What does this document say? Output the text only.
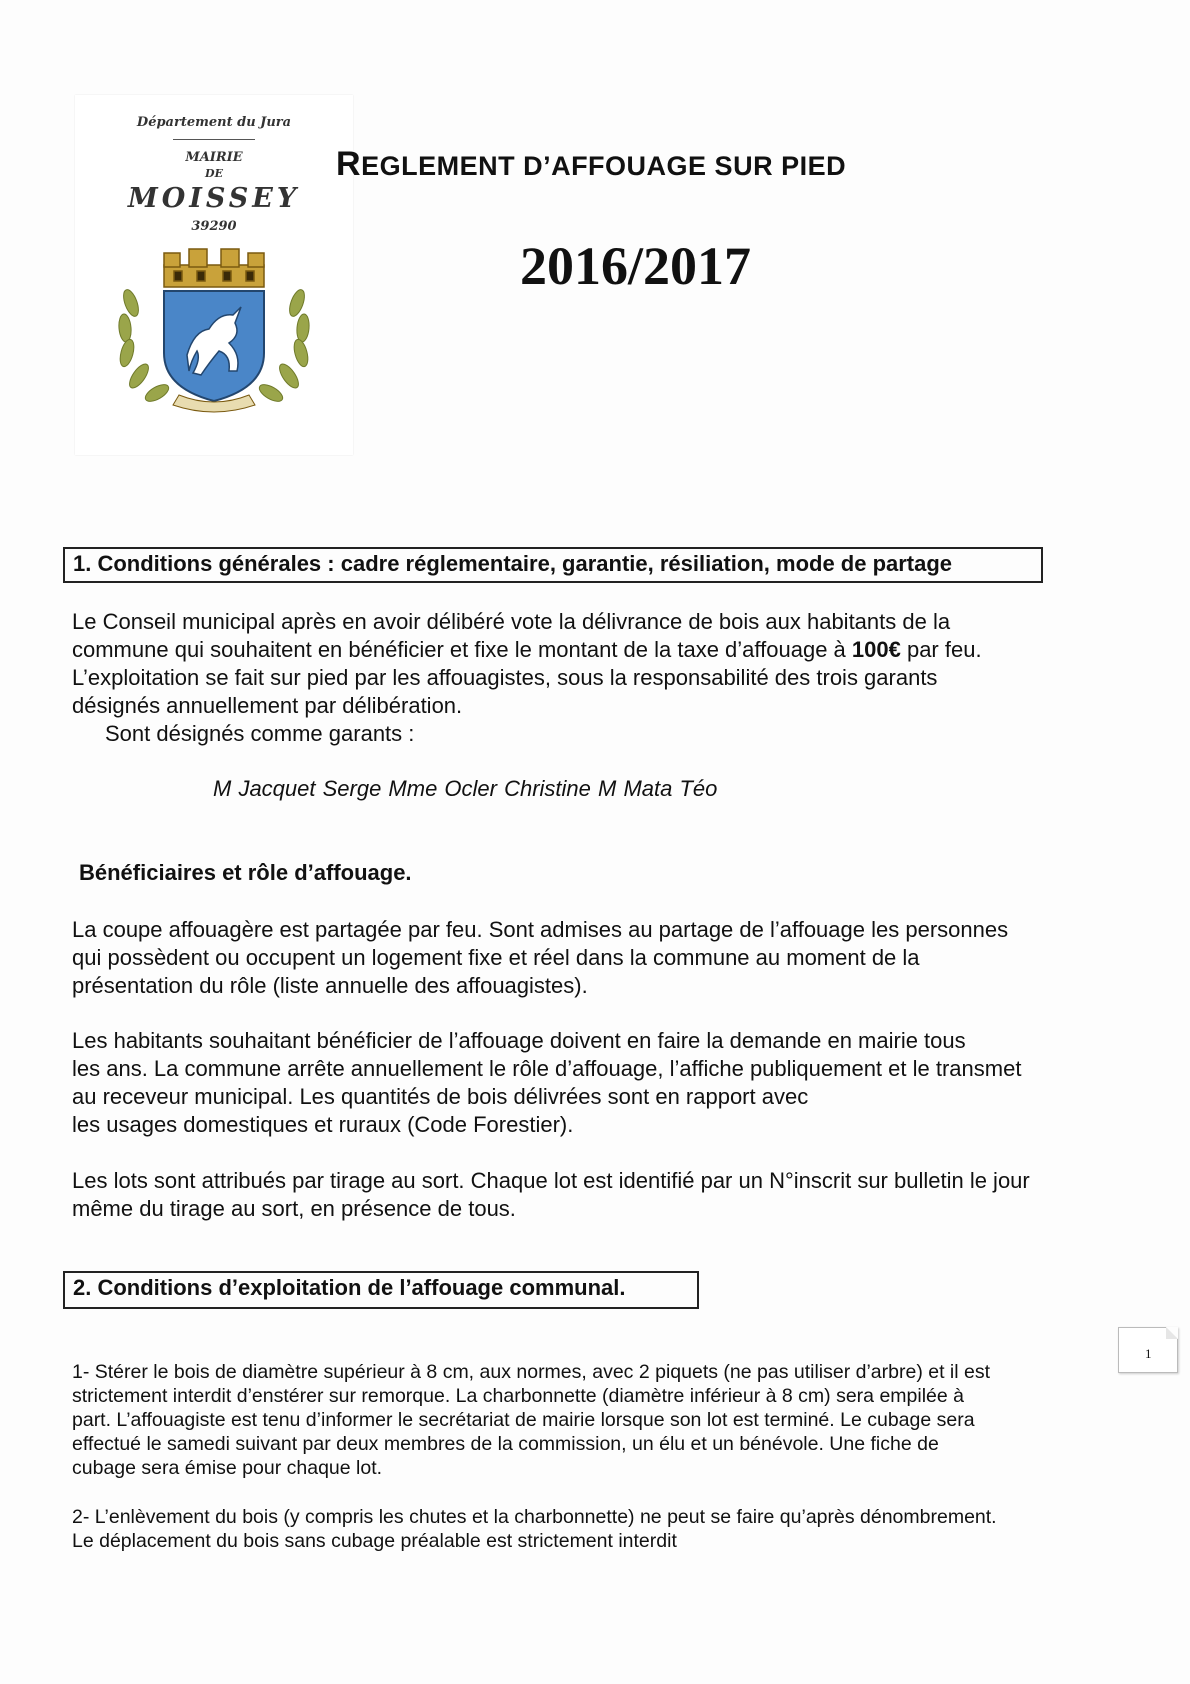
Département du Jura
MAIRIE
DE
MOISSEY
39290
REGLEMENT D’AFFOUAGE SUR PIED
2016/2017
1. Conditions générales : cadre réglementaire, garantie, résiliation, mode de partage
Le Conseil municipal après en avoir délibéré vote la délivrance de bois aux habitants de la
commune qui souhaitent en bénéficier et fixe le montant de la taxe d’affouage à 100€ par feu.
L’exploitation se fait sur pied par les affouagistes, sous la responsabilité des trois garants
désignés annuellement par délibération.
Sont désignés comme garants :
M Jacquet Serge Mme Ocler Christine M Mata Téo
Bénéficiaires et rôle d’affouage.
La coupe affouagère est partagée par feu. Sont admises au partage de l’affouage les personnes
qui possèdent ou occupent un logement fixe et réel dans la commune au moment de la
présentation du rôle (liste annuelle des affouagistes).
Les habitants souhaitant bénéficier de l’affouage doivent en faire la demande en mairie tous
les ans. La commune arrête annuellement le rôle d’affouage, l’affiche publiquement et le transmet
au receveur municipal. Les quantités de bois délivrées sont en rapport avec
les usages domestiques et ruraux (Code Forestier).
Les lots sont attribués par tirage au sort. Chaque lot est identifié par un N°inscrit sur bulletin le jour
même du tirage au sort, en présence de tous.
2. Conditions d’exploitation de l’affouage communal.
1
1- Stérer le bois de diamètre supérieur à 8 cm, aux normes, avec 2 piquets (ne pas utiliser d’arbre) et il est
strictement interdit d’enstérer sur remorque. La charbonnette (diamètre inférieur à 8 cm) sera empilée à
part. L’affouagiste est tenu d’informer le secrétariat de mairie lorsque son lot est terminé. Le cubage sera
effectué le samedi suivant par deux membres de la commission, un élu et un bénévole. Une fiche de
cubage sera émise pour chaque lot.
2- L’enlèvement du bois (y compris les chutes et la charbonnette) ne peut se faire qu’après dénombrement.
Le déplacement du bois sans cubage préalable est strictement interdit
